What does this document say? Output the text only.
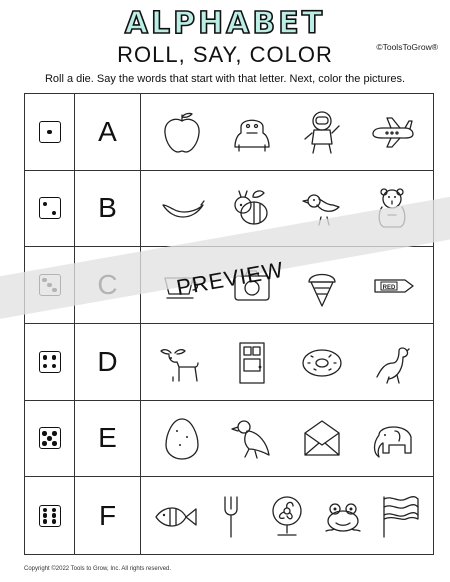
ALPHABET
ROLL, SAY, COLOR	©ToolsToGrow®
Roll a die. Say the words that start with that letter. Next, color the pictures.
A
B
RED
D
E
F
PREVIEW
Copyright ©2022 Tools to Grow, Inc. All rights reserved.
